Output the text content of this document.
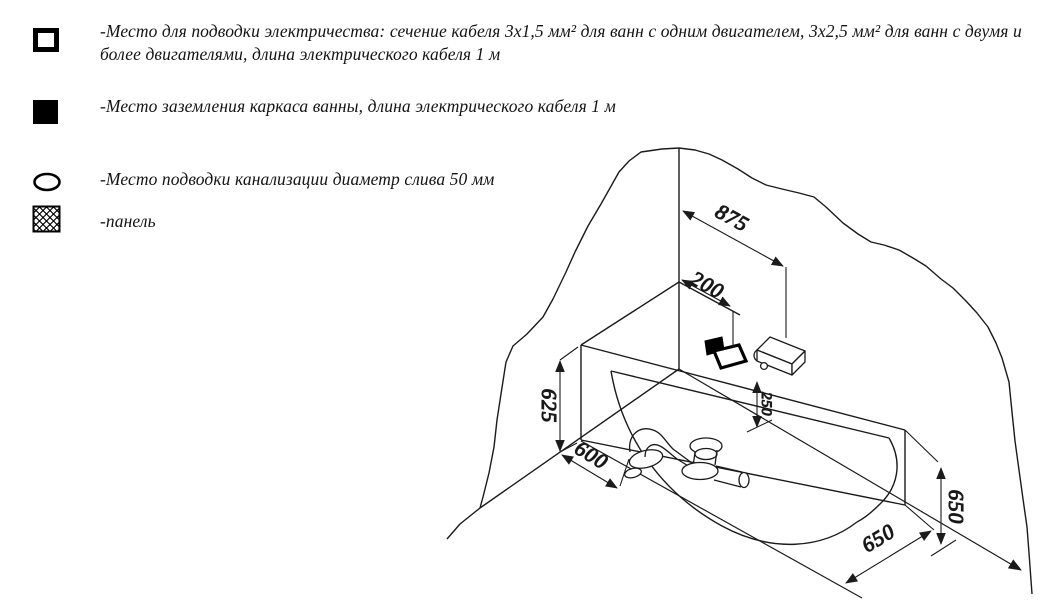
-Место для подводки электричества: сечение кабеля 3х1,5 мм² для ванн с одним двигателем, 3х2,5 мм² для ванн с двумя и
более двигателями, длина электрического кабеля 1 м
-Место заземления каркаса ванны, длина электрического кабеля 1 м
-Место подводки канализации диаметр слива 50 мм
-панель	875
200
250
625
600
650
650
